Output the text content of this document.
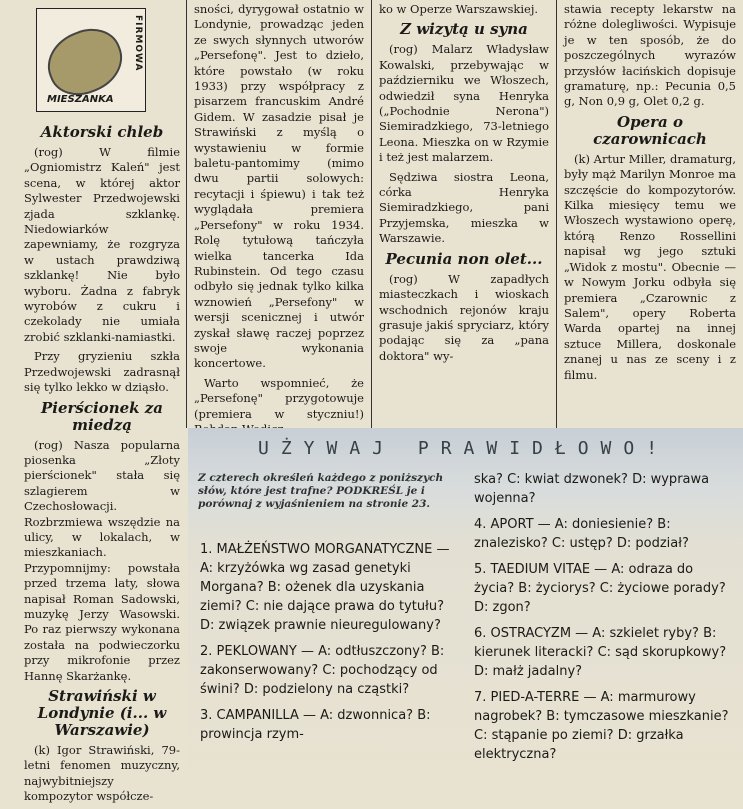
FIRMOWA
MIESZANKA

Aktorski chleb

(rog) W filmie „Ogniomistrz Kaleń" jest scena, w której aktor Sylwester Przedwojewski zjada szklankę. Niedowiarków zapewniamy, że rozgryza w ustach prawdziwą szklankę! Nie było wyboru. Żadna z fabryk wyrobów z cukru i czekolady nie umiała zrobić szklanki-namiastki.

Przy gryzieniu szkła Przedwojewski zadrasnął się tylko lekko w dziąsło.

Pierścionek za miedzą

(rog) Nasza popularna piosenka „Złoty pierścionek" stała się szlagierem w Czechosłowacji. Rozbrzmiewa wszędzie na ulicy, w lokalach, w mieszkaniach. Przypomnijmy: powstała przed trzema laty, słowa napisał Roman Sadowski, muzykę Jerzy Wasowski. Po raz pierwszy wykonana została na podwieczorku przy mikrofonie przez Hannę Skarżankę.

Strawiński w Londynie (i... w Warszawie)

(k) Igor Strawiński, 79-letni fenomen muzyczny, najwybitniejszy kompozytor współcze-

sności, dyrygował ostatnio w Londynie, prowadząc jeden ze swych słynnych utworów „Persefonę". Jest to dzieło, które powstało (w roku 1933) przy współpracy z pisarzem francuskim André Gidem. W zasadzie pisał je Strawiński z myślą o wystawieniu w formie baletu-pantomimy (mimo dwu partii solowych: recytacji i śpiewu) i tak też wyglądała premiera „Persefony" w roku 1934. Rolę tytułową tańczyła wielka tancerka Ida Rubinstein. Od tego czasu odbyło się jednak tylko kilka wznowień „Persefony" w wersji scenicznej i utwór zyskał sławę raczej poprzez swoje wykonania koncertowe.

Warto wspomnieć, że „Persefonę" przygotowuje (premiera w styczniu!)

ko w Operze Warszawskiej.

Z wizytą u syna

(rog) Malarz Władysław Kowalski, przebywając w październiku we Włoszech, odwiedził syna Henryka („Pochodnie Nerona") Siemiradzkiego, 73-letniego Leona. Mieszka on w Rzymie i też jest malarzem.

Sędziwa siostra Leona, córka Henryka Siemiradzkiego, pani Przyjemska, mieszka w Warszawie.

Pecunia non olet...

(rog) W zapadłych miasteczkach i wioskach wschodnich rejonów kraju grasuje jakiś spryciarz, który podając się za „pana doktora" wy-

stawia recepty lekarstw na różne dolegliwości. Wypisuje je w ten sposób, że do poszczególnych wyrazów przysłów łacińskich dopisuje gramaturę, np.: Pecunia 0,5 g, Non 0,9 g, Olet 0,2 g.

Opera o czarownicach

(k) Artur Miller, dramaturg, były mąż Marilyn Monroe ma szczęście do kompozytorów. Kilka miesięcy temu we Włoszech wystawiono operę, którą Renzo Rossellini napisał wg jego sztuki „Widok z mostu". Obecnie — w Nowym Jorku odbyła się premiera „Czarownic z Salem", opery Roberta Warda opartej na innej sztuce Millera, doskonale znanej u nas ze sceny i z filmu.

UŻYWAJ PRAWIDŁOWO!
Z czterech określeń każdego z poniższych słów, które jest trafne? PODKREŚL je i porównaj z wyjaśnieniem na stronie 23.

1. MAŁŻEŃSTWO MORGANATYCZNE — A: krzyżówka wg zasad genetyki Morgana? B: ożenek dla uzyskania ziemi? C: nie dające prawa do tytułu? D: związek prawnie nieuregulowany?

2. PEKLOWANY — A: odtłuszczony? B: zakonserwowany? C: pochodzący od świni? D: podzielony na cząstki?

3. CAMPANILLA — A: dzwonnica? B: prowincja rzym-

ska? C: kwiat dzwonek? D: wyprawa wojenna?

4. APORT — A: doniesienie? B: znalezisko? C: ustęp? D: podział?

5. TAEDIUM VITAE — A: odraza do życia? B: życiorys? C: życiowe porady? D: zgon?

6. OSTRACYZM — A: szkielet ryby? B: kierunek literacki? C: sąd skorupkowy? D: małż jadalny?

7. PIED-A-TERRE — A: marmurowy nagrobek? B: tymczasowe mieszkanie? C: stąpanie po ziemi? D: grzałka elektryczna?
